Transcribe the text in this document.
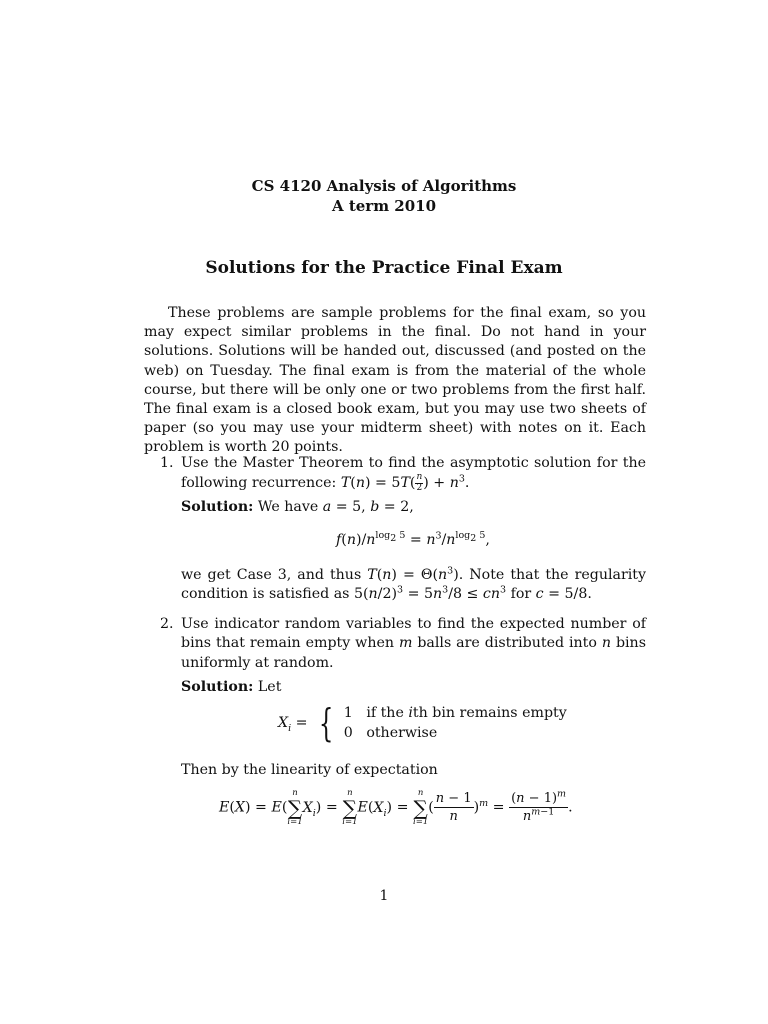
CS 4120 Analysis of Algorithms
A term 2010
Solutions for the Practice Final Exam
These problems are sample problems for the final exam, so you may expect similar problems in the final. Do not hand in your solutions. Solutions will be handed out, discussed (and posted on the web) on Tuesday. The final exam is from the material of the whole course, but there will be only one or two problems from the first half. The final exam is a closed book exam, but you may use two sheets of paper (so you may use your midterm sheet) with notes on it. Each problem is worth 20 points.
1. Use the Master Theorem to find the asymptotic solution for the following recurrence: $T(n) = 5T( \frac{n}{2}$ ) + $n^3$.
Solution: We have a = 5, b = 2,
$f(n)/n^{log_2 5} = n^3/n^{log_2 5}$,
we get Case 3, and thus $T(n) = \Theta(n^3)$. Note that the regularity condition is satisfied as $5(n/2)^3 = 5n^3/8 \le cn^3$ for c = 5/8.
2. Use indicator random variables to find the expected number of bins that remain empty when m balls are distributed into n bins uniformly at random.
Solution: Let
$X_i$ = { 1   if the ith bin remains empty
0   otherwise
Then by the linearity of expectation
E(X) = E(
n
∑
i=1
$X_i$) =
n
∑
i=1
$E(X_i)$ =
n
∑
i=1
( $\frac{n - 1}{n} )^m = \frac{(n - 1)^m}{n^{m-1}}$ .
1
